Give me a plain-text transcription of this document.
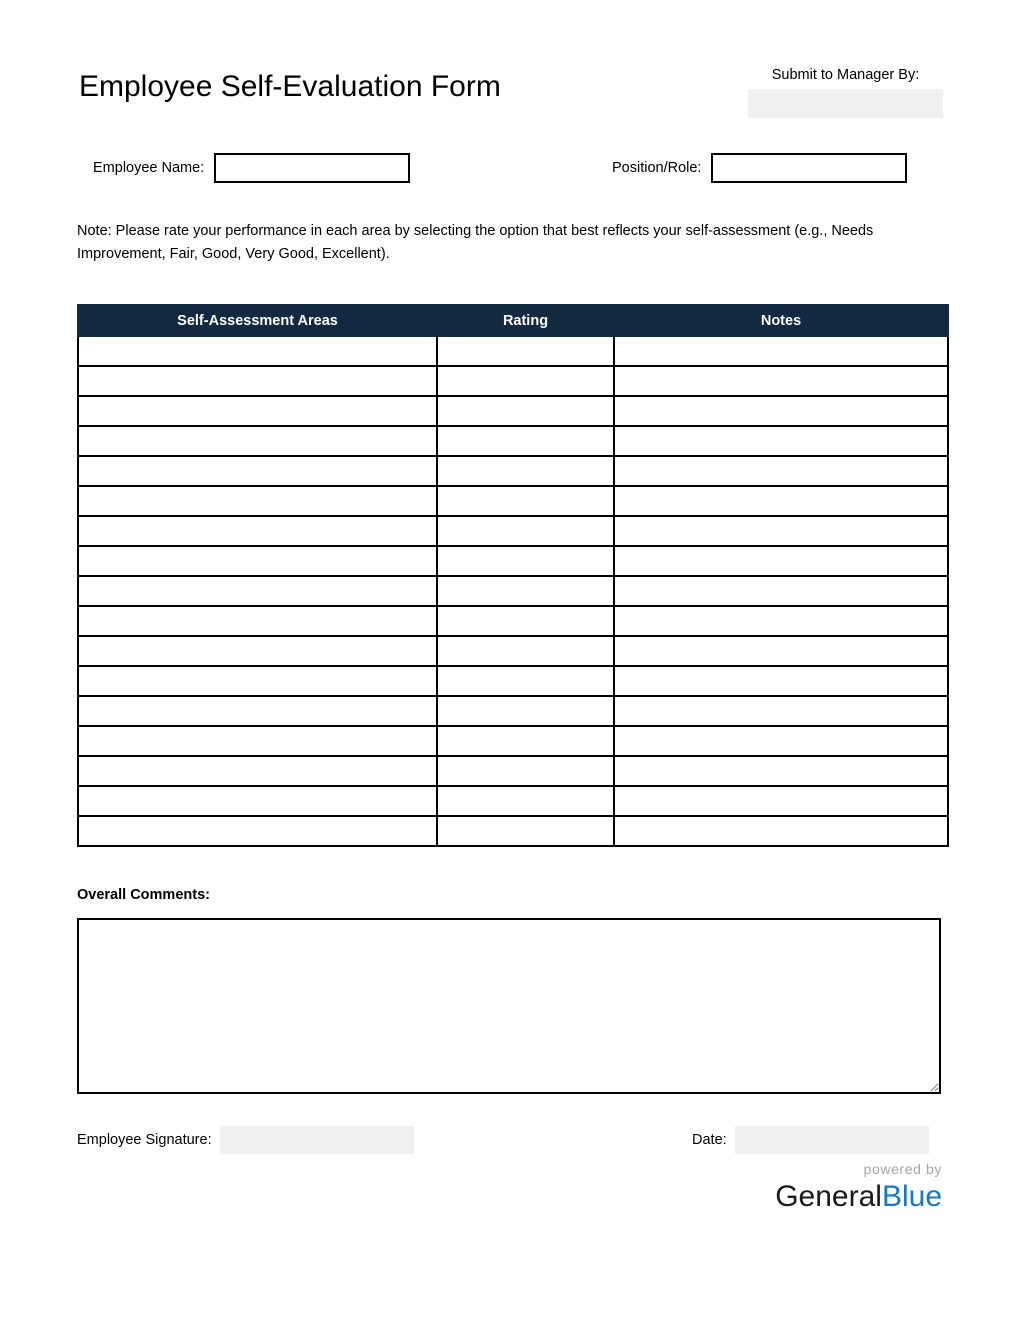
Employee Self-Evaluation Form	Submit to Manager By:
Employee Name:	Position/Role:
Note: Please rate your performance in each area by selecting the option that best reflects your self-assessment (e.g., Needs Improvement, Fair, Good, Very Good, Excellent).
Self-Assessment Areas	Rating	Notes

Overall Comments:
Employee Signature:	Date:
powered by
GeneralBlue
